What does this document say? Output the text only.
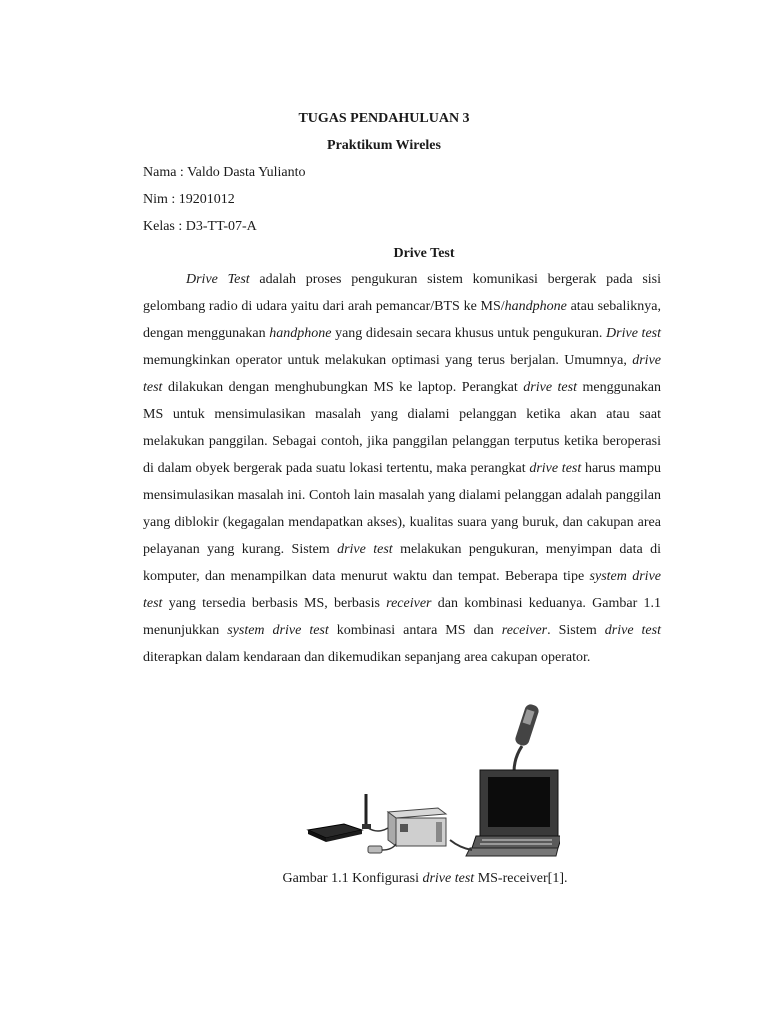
TUGAS PENDAHULUAN 3
Praktikum Wireles
Nama : Valdo Dasta Yulianto
Nim : 19201012
Kelas : D3-TT-07-A
Drive Test
Drive Test adalah proses pengukuran sistem komunikasi bergerak pada sisi gelombang radio di udara yaitu dari arah pemancar/BTS ke MS/handphone atau sebaliknya, dengan menggunakan handphone yang didesain secara khusus untuk pengukuran. Drive test memungkinkan operator untuk melakukan optimasi yang terus berjalan. Umumnya, drive test dilakukan dengan menghubungkan MS ke laptop. Perangkat drive test menggunakan MS untuk mensimulasikan masalah yang dialami pelanggan ketika akan atau saat melakukan panggilan. Sebagai contoh, jika panggilan pelanggan terputus ketika beroperasi di dalam obyek bergerak pada suatu lokasi tertentu, maka perangkat drive test harus mampu mensimulasikan masalah ini. Contoh lain masalah yang dialami pelanggan adalah panggilan yang diblokir (kegagalan mendapatkan akses), kualitas suara yang buruk, dan cakupan area pelayanan yang kurang. Sistem drive test melakukan pengukuran, menyimpan data di komputer, dan menampilkan data menurut waktu dan tempat. Beberapa tipe system drive test yang tersedia berbasis MS, berbasis receiver dan kombinasi keduanya. Gambar 1.1 menunjukkan system drive test kombinasi antara MS dan receiver. Sistem drive test diterapkan dalam kendaraan dan dikemudikan sepanjang area cakupan operator.
Gambar 1.1 Konfigurasi drive test MS-receiver[1].
